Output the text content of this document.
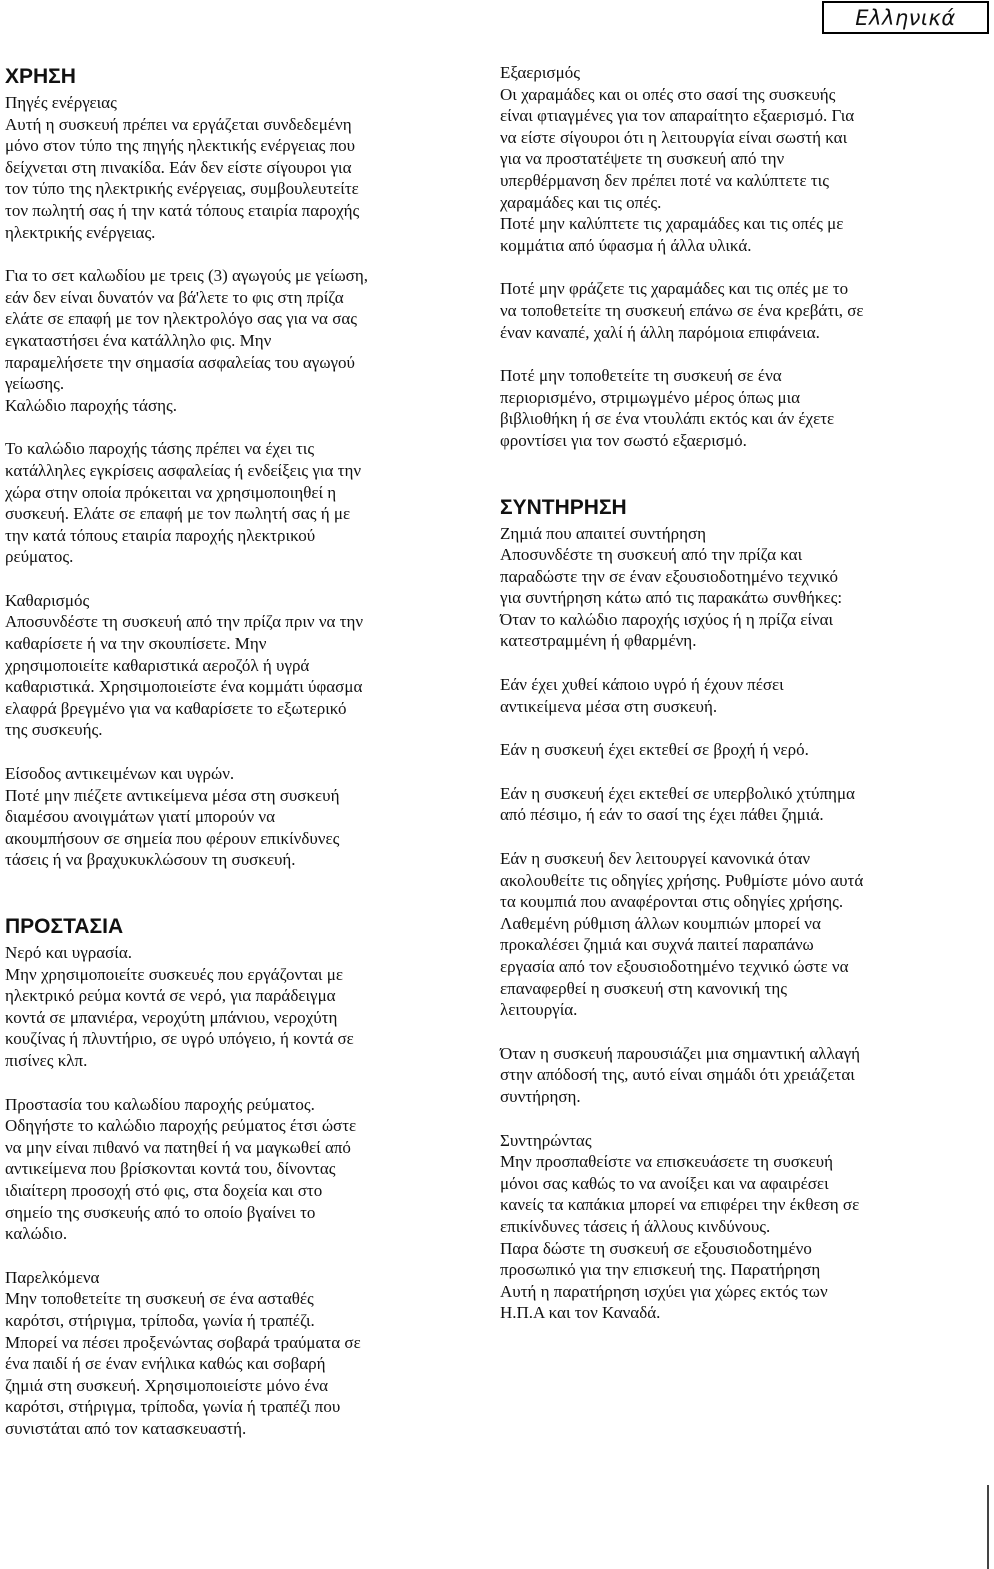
Ελληνικά
ΧΡΗΣΗ
Πηγές ενέργειας
Αυτή η συσκευή πρέπει να εργάζεται συνδεδεμένη
μόνο στον τύπο της πηγής ηλεκτικής ενέργειας που
δείχνεται στη πινακίδα. Εάν δεν είστε σίγουροι για
τον τύπο της ηλεκτρικής ενέργειας, συμβουλευτείτε
τον πωλητή σας ή την κατά τόπους εταιρία παροχής
ηλεκτρικής ενέργειας.
Για το σετ καλωδίου με τρεις (3) αγωγούς με γείωση,
εάν δεν είναι δυνατόν να βά'λετε το φις στη πρίζα
ελάτε σε επαφή με τον ηλεκτρολόγο σας για να σας
εγκαταστήσει ένα κατάλληλο φις. Μην
παραμελήσετε την σημασία ασφαλείας του αγωγού
γείωσης.
Καλώδιο παροχής τάσης.
Το καλώδιο παροχής τάσης πρέπει να έχει τις
κατάλληλες εγκρίσεις ασφαλείας ή ενδείξεις για την
χώρα στην οποία πρόκειται να χρησιμοποιηθεί η
συσκευή. Ελάτε σε επαφή με τον πωλητή σας ή με
την κατά τόπους εταιρία παροχής ηλεκτρικού
ρεύματος.
Καθαρισμός
Αποσυνδέστε τη συσκευή από την πρίζα πριν να την
καθαρίσετε ή να την σκουπίσετε. Μην
χρησιμοποιείτε καθαριστικά αεροζόλ ή υγρά
καθαριστικά. Χρησιμοποιείστε ένα κομμάτι ύφασμα
ελαφρά βρεγμένο για να καθαρίσετε το εξωτερικό
της συσκευής.
Είσοδος αντικειμένων και υγρών.
Ποτέ μην πιέζετε αντικείμενα μέσα στη συσκευή
διαμέσου ανοιγμάτων γιατί μπορούν να
ακουμπήσουν σε σημεία που φέρουν επικίνδυνες
τάσεις ή να βραχυκυκλώσουν τη συσκευή.
ΠΡΟΣΤΑΣΙΑ
Νερό και υγρασία.
Μην χρησιμοποιείτε συσκευές που εργάζονται με
ηλεκτρικό ρεύμα κοντά σε νερό, για παράδειγμα
κοντά σε μπανιέρα, νεροχύτη μπάνιου, νεροχύτη
κουζίνας ή πλυντήριο, σε υγρό υπόγειο, ή κοντά σε
πισίνες κλπ.
Προστασία του καλωδίου παροχής ρεύματος.
Οδηγήστε το καλώδιο παροχής ρεύματος έτσι ώστε
να μην είναι πιθανό να πατηθεί ή να μαγκωθεί από
αντικείμενα που βρίσκονται κοντά του, δίνοντας
ιδιαίτερη προσοχή στό φις, στα δοχεία και στο
σημείο της συσκευής από το οποίο βγαίνει το
καλώδιο.
Παρελκόμενα
Μην τοποθετείτε τη συσκευή σε ένα ασταθές
καρότσι, στήριγμα, τρίποδα, γωνία ή τραπέζι.
Μπορεί να πέσει προξενώντας σοβαρά τραύματα σε
ένα παιδί ή σε έναν ενήλικα καθώς και σοβαρή
ζημιά στη συσκευή. Χρησιμοποιείστε μόνο ένα
καρότσι, στήριγμα, τρίποδα, γωνία ή τραπέζι που
συνιστάται από τον κατασκευαστή.
Εξαερισμός
Οι χαραμάδες και οι οπές στο σασί της συσκευής
είναι φτιαγμένες για τον απαραίτητο εξαερισμό. Για
να είστε σίγουροι ότι η λειτουργία είναι σωστή και
για να προστατέψετε τη συσκευή από την
υπερθέρμανση δεν πρέπει ποτέ να καλύπτετε τις
χαραμάδες και τις οπές.
Ποτέ μην καλύπτετε τις χαραμάδες και τις οπές με
κομμάτια από ύφασμα ή άλλα υλικά.
Ποτέ μην φράζετε τις χαραμάδες και τις οπές με το
να τοποθετείτε τη συσκευή επάνω σε ένα κρεβάτι, σε
έναν καναπέ, χαλί ή άλλη παρόμοια επιφάνεια.
Ποτέ μην τοποθετείτε τη συσκευή σε ένα
περιορισμένο, στριμωγμένο μέρος όπως μια
βιβλιοθήκη ή σε ένα ντουλάπι εκτός και άν έχετε
φροντίσει για τον σωστό εξαερισμό.
ΣΥΝΤΗΡΗΣΗ
Ζημιά που απαιτεί συντήρηση
Αποσυνδέστε τη συσκευή από την πρίζα και
παραδώστε την σε έναν εξουσιοδοτημένο τεχνικό
για συντήρηση κάτω από τις παρακάτω συνθήκες:
Όταν το καλώδιο παροχής ισχύος ή η πρίζα είναι
κατεστραμμένη ή φθαρμένη.
Εάν έχει χυθεί κάποιο υγρό ή έχουν πέσει
αντικείμενα μέσα στη συσκευή.
Εάν η συσκευή έχει εκτεθεί σε βροχή ή νερό.
Εάν η συσκευή έχει εκτεθεί σε υπερβολικό χτύπημα
από πέσιμο, ή εάν το σασί της έχει πάθει ζημιά.
Εάν η συσκευή δεν λειτουργεί κανονικά όταν
ακολουθείτε τις οδηγίες χρήσης. Ρυθμίστε μόνο αυτά
τα κουμπιά που αναφέρονται στις οδηγίες χρήσης.
Λαθεμένη ρύθμιση άλλων κουμπιών μπορεί να
προκαλέσει ζημιά και συχνά παιτεί παραπάνω
εργασία από τον εξουσιοδοτημένο τεχνικό ώστε να
επαναφερθεί η συσκευή στη κανονική της
λειτουργία.
Όταν η συσκευή παρουσιάζει μια σημαντική αλλαγή
στην απόδοσή της, αυτό είναι σημάδι ότι χρειάζεται
συντήρηση.
Συντηρώντας
Μην προσπαθείστε να επισκευάσετε τη συσκευή
μόνοι σας καθώς το να ανοίξει και να αφαιρέσει
κανείς τα καπάκια μπορεί να επιφέρει την έκθεση σε
επικίνδυνες τάσεις ή άλλους κινδύνους.
Παρα δώστε τη συσκευή σε εξουσιοδοτημένο
προσωπικό για την επισκευή της. Παρατήρηση
Αυτή η παρατήρηση ισχύει για χώρες εκτός των
Η.Π.Α και τον Καναδά.
